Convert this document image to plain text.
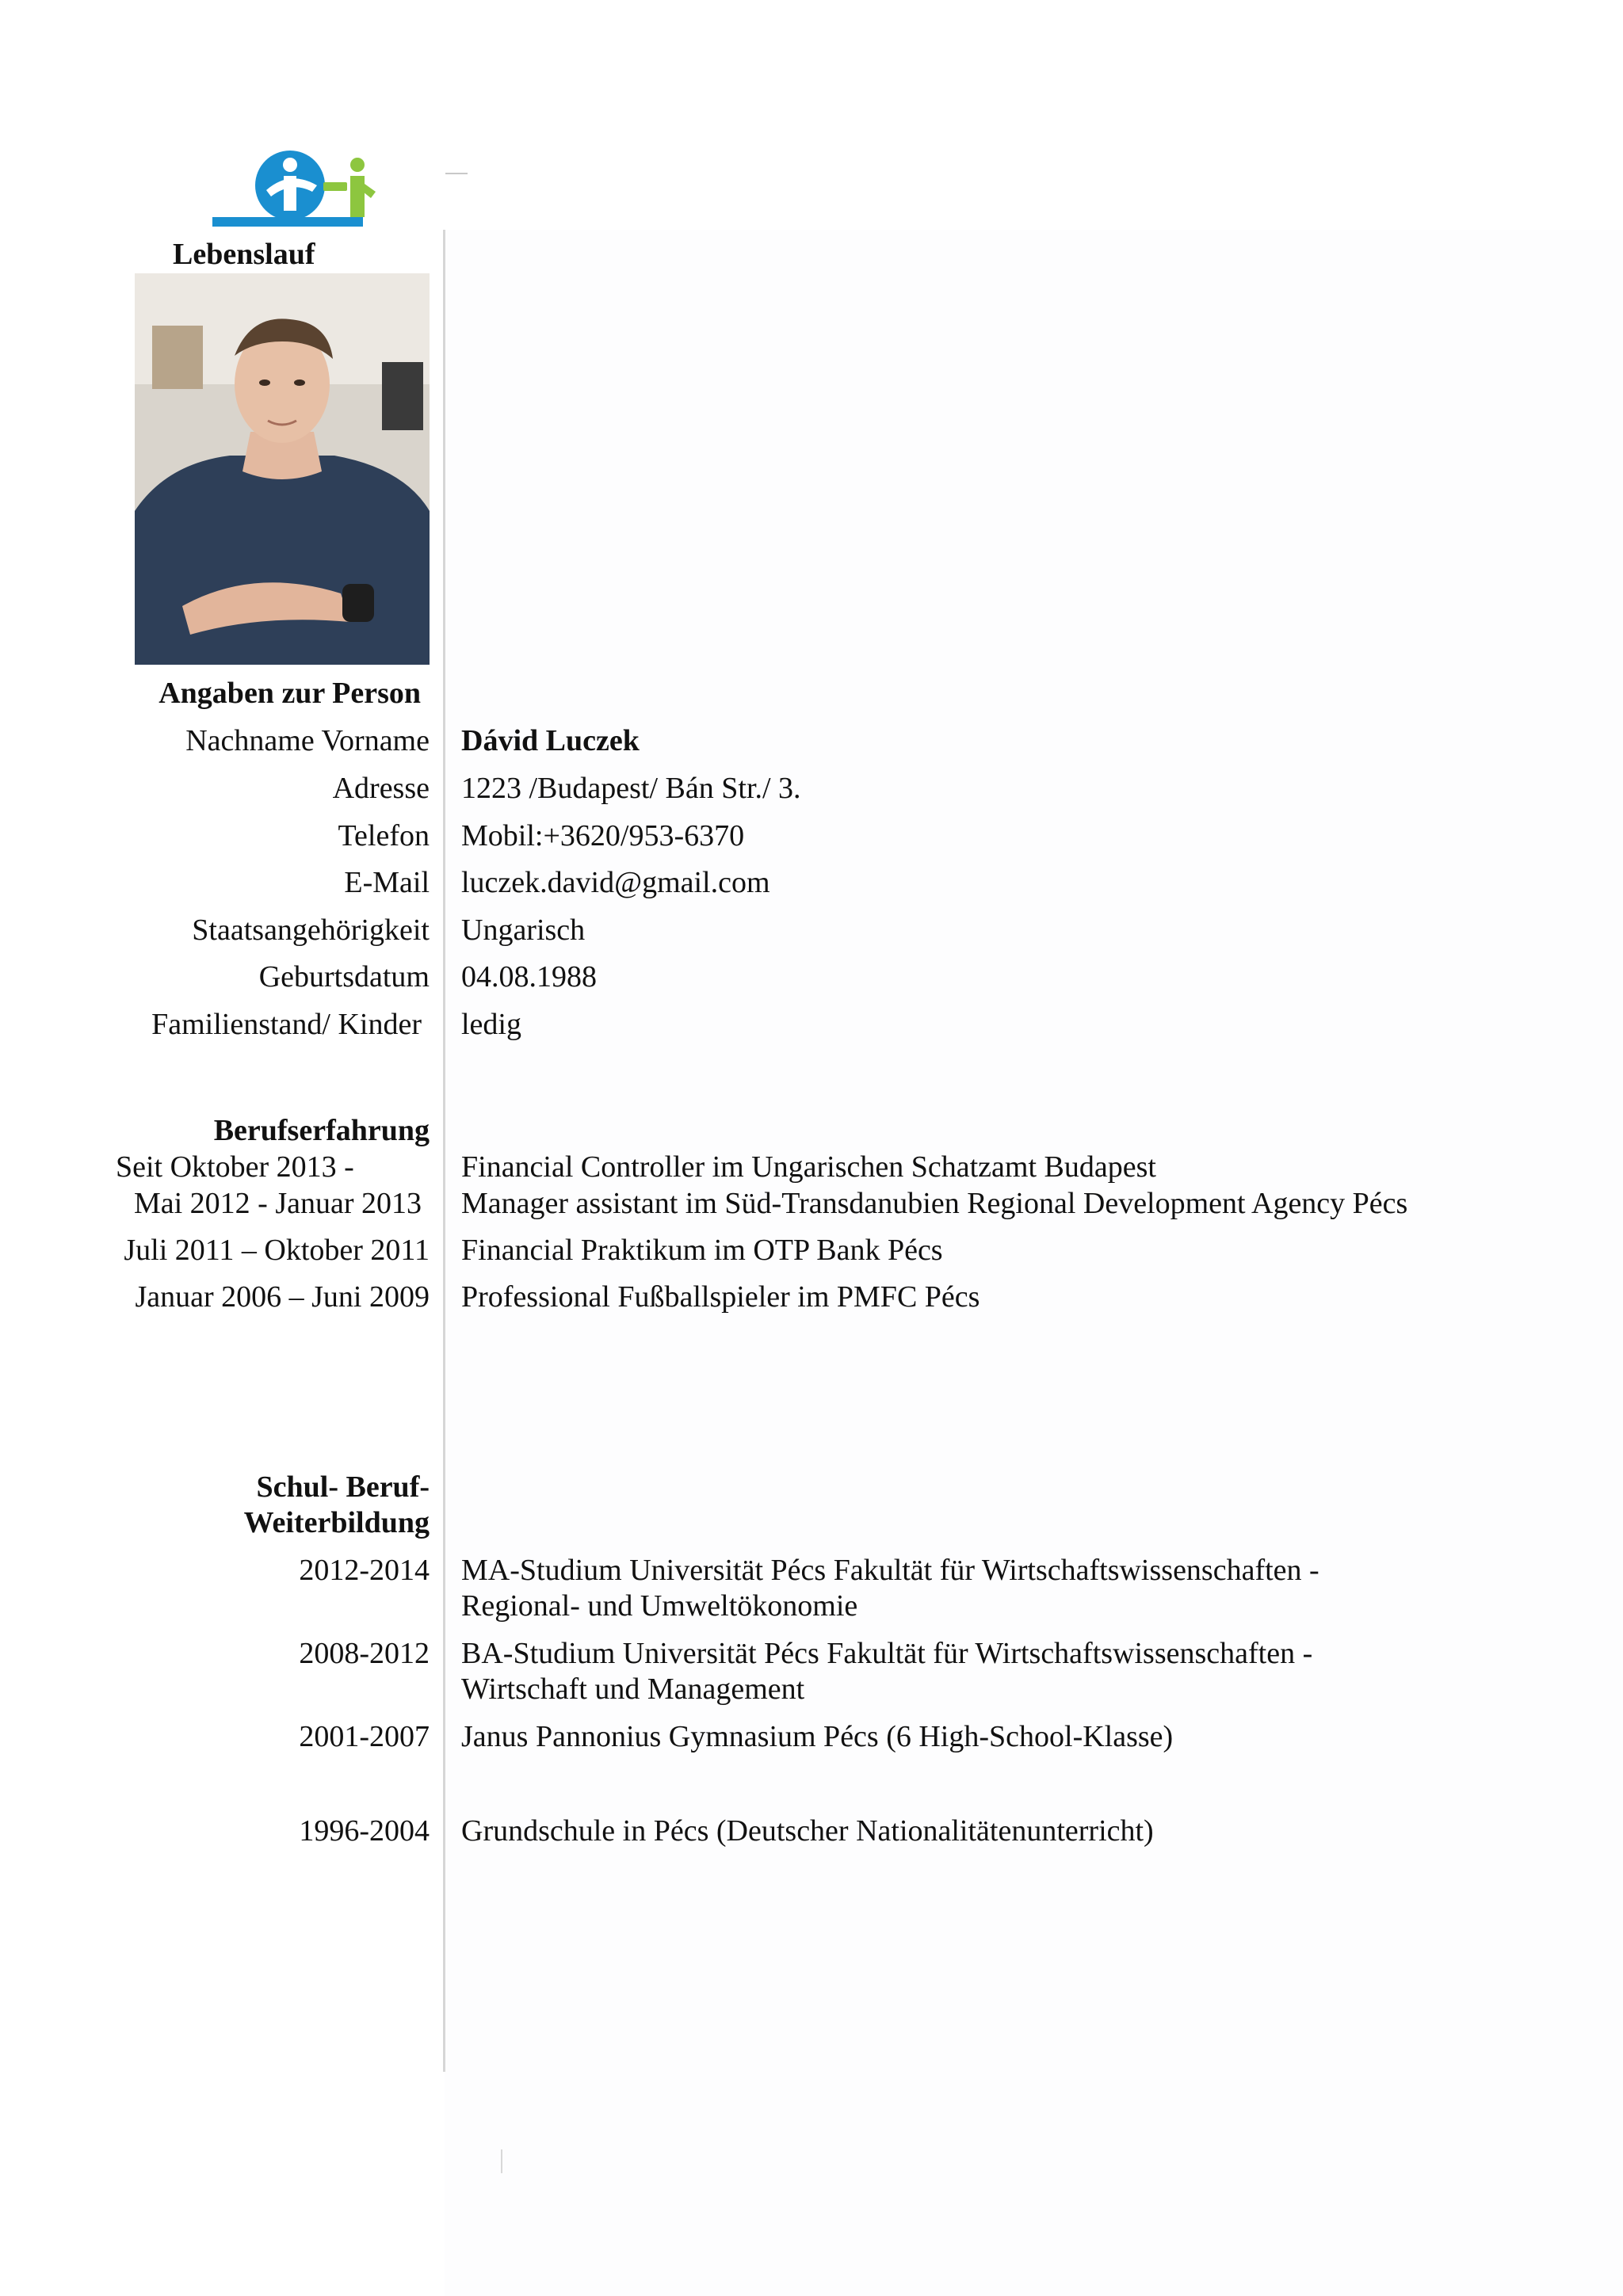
Lebenslauf
Angaben zur Person
Nachname Vorname Dávid Luczek
Adresse 1223 /Budapest/ Bán Str./ 3.
Telefon Mobil:+3620/953-6370
E-Mail luczek.david@gmail.com
Staatsangehörigkeit Ungarisch
Geburtsdatum 04.08.1988
Familienstand/ Kinder ledig
Berufserfahrung
Seit Oktober 2013 -	Financial Controller im Ungarischen Schatzamt Budapest
Mai 2012 - Januar 2013 Manager assistant im Süd-Transdanubien Regional Development Agency Pécs
Juli 2011 – Oktober 2011 Financial Praktikum im OTP Bank Pécs
Januar 2006 – Juni 2009 Professional Fußballspieler im PMFC Pécs
Schul- Beruf-
Weiterbildung
2012-2014 MA-Studium Universität Pécs Fakultät für Wirtschaftswissenschaften -
Regional- und Umweltökonomie
2008-2012 BA-Studium Universität Pécs Fakultät für Wirtschaftswissenschaften -
Wirtschaft und Management
2001-2007 Janus Pannonius Gymnasium Pécs (6 High-School-Klasse)
1996-2004 Grundschule in Pécs (Deutscher Nationalitätenunterricht)
